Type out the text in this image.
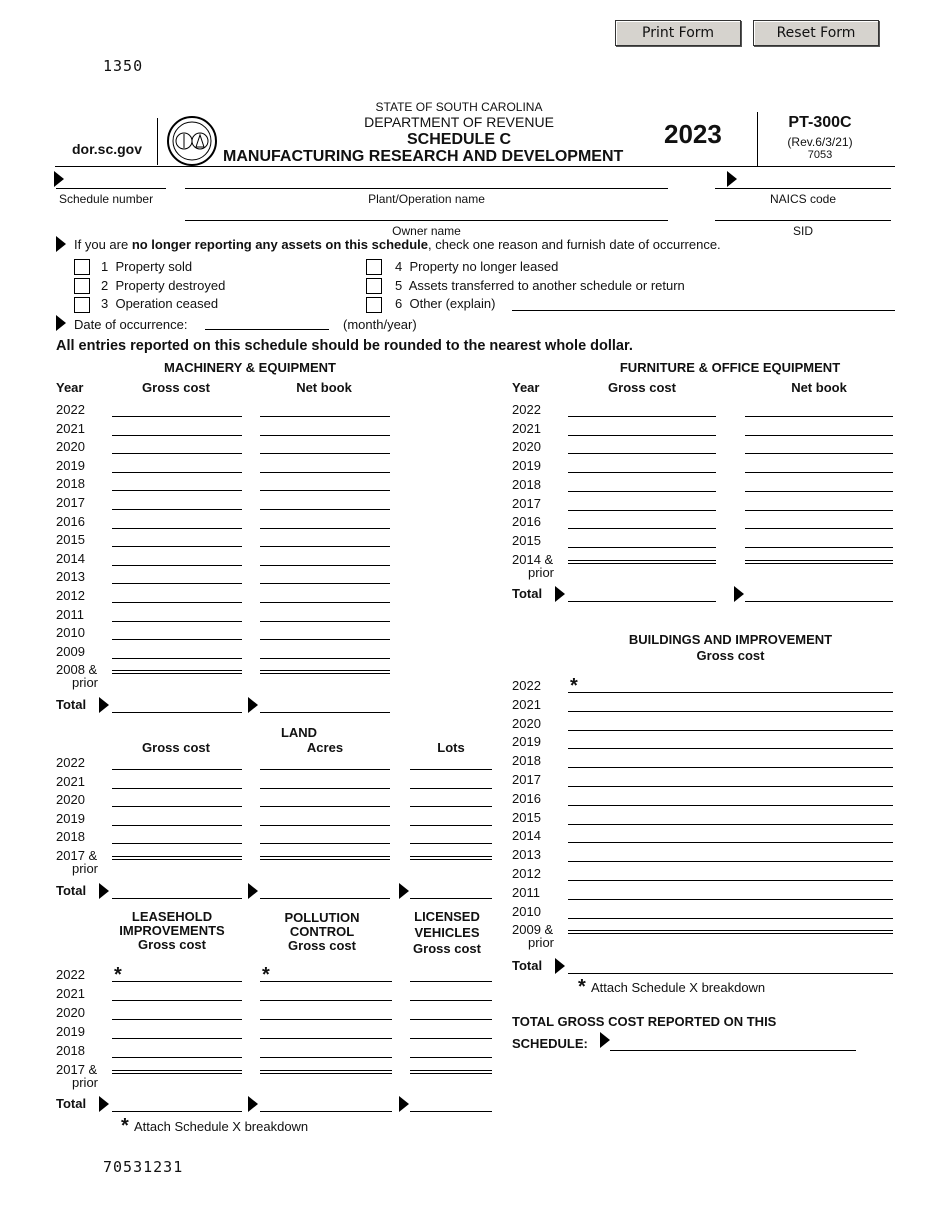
Print Form	Reset Form
1350
dor.sc.gov
STATE OF SOUTH CAROLINA
DEPARTMENT OF REVENUE
SCHEDULE C
MANUFACTURING RESEARCH AND DEVELOPMENT
2023	PT-300C
(Rev.6/3/21)
7053
Schedule number	Plant/Operation name	NAICS code
Owner name	SID
If you are no longer reporting any assets on this schedule, check one reason and furnish date of occurrence.
1 Property sold
2 Property destroyed
3 Operation ceased
4 Property no longer leased
5 Assets transferred to another schedule or return
6 Other (explain)
Date of occurrence:	(month/year)
All entries reported on this schedule should be rounded to the nearest whole dollar.
MACHINERY & EQUIPMENT
Year	Gross cost	Net book
2022
2021
2020
2019
2018
2017
2016
2015
2014
2013
2012
2011
2010
2009
2008 &
prior
Total
FURNITURE & OFFICE EQUIPMENT
Year	Gross cost	Net book
2022
2021
2020
2019
2018
2017
2016
2015
2014 &
prior
Total
LAND
Gross cost	Acres	Lots
2022
2021
2020
2019
2018
2017 &
prior
Total
BUILDINGS AND IMPROVEMENT
Gross cost
2022 *
2021
2020
2019
2018
2017
2016
2015
2014
2013
2012
2011
2010
2009 &
prior
Total
* Attach Schedule X breakdown
LEASEHOLD
IMPROVEMENTS
Gross cost
POLLUTION
CONTROL
Gross cost
LICENSED
VEHICLES
Gross cost
2022 *	*
2021
2020
2019
2018
2017 &
prior
Total
* Attach Schedule X breakdown
TOTAL GROSS COST REPORTED ON THIS
SCHEDULE:
70531231
